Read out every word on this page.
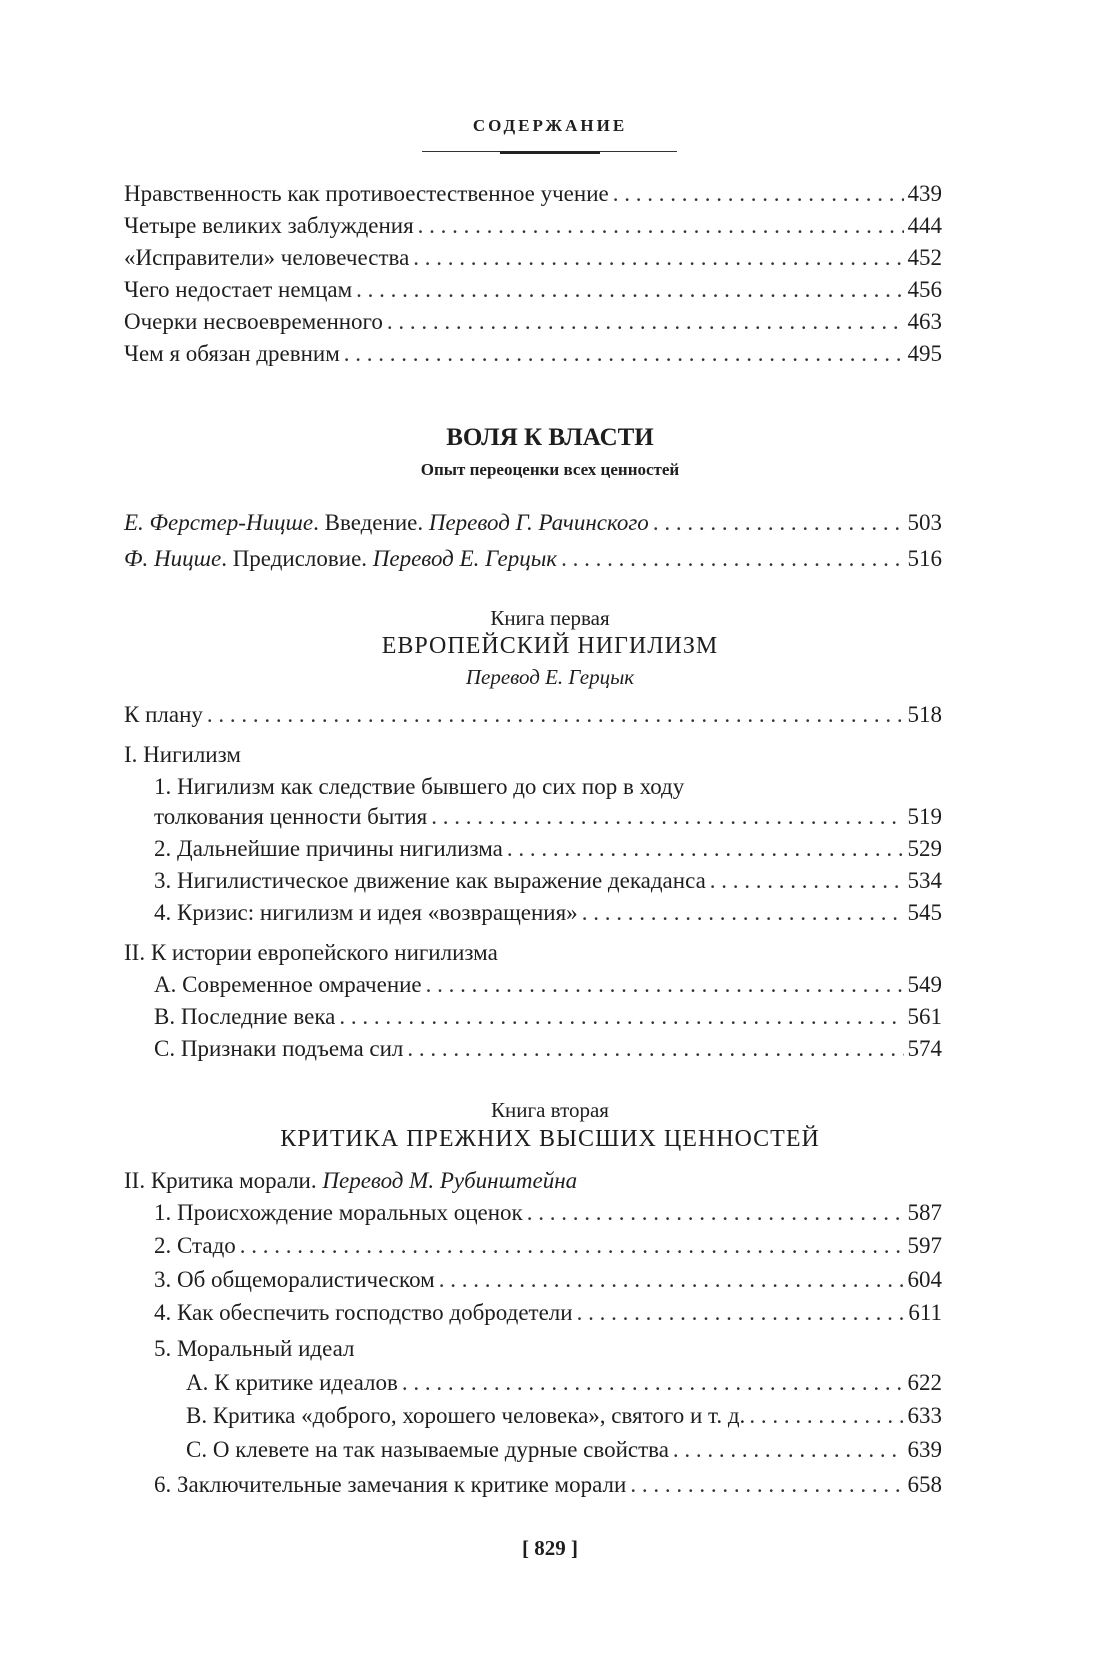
СОДЕРЖАНИЕ
Нравственность как противоестественное учение . . .	439
Четыре великих заблуждения . . .	444
«Исправители» человечества . . .	452
Чего недостает немцам . . .	456
Очерки несвоевременного . . .	463
Чем я обязан древним . . .	495
ВОЛЯ К ВЛАСТИ
Опыт переоценки всех ценностей
Е. Ферстер-Ницше. Введение. Перевод Г. Рачинского . . .	503
Ф. Ницше. Предисловие. Перевод Е. Герцык . . .	516
Книга первая
ЕВРОПЕЙСКИЙ НИГИЛИЗМ
Перевод Е. Герцык
К плану . . .	518
I. Нигилизм
1. Нигилизм как следствие бывшего до сих пор в ходу
толкования ценности бытия . . .	519
2. Дальнейшие причины нигилизма . . .	529
3. Нигилистическое движение как выражение декаданса . . .	534
4. Кризис: нигилизм и идея «возвращения» . . .	545
II. К истории европейского нигилизма
A. Современное омрачение . . .	549
B. Последние века . . .	561
C. Признаки подъема сил . . .	574
Книга вторая
КРИТИКА ПРЕЖНИХ ВЫСШИХ ЦЕННОСТЕЙ
II. Критика морали. Перевод М. Рубинштейна
1. Происхождение моральных оценок . . .	587
2. Стадо . . .	597
3. Об общеморалистическом . . .	604
4. Как обеспечить господство добродетели . . .	611
5. Моральный идеал
A. К критике идеалов . . .	622
B. Критика «доброго, хорошего человека», святого и т. д. . . .	633
C. О клевете на так называемые дурные свойства . . .	639
6. Заключительные замечания к критике морали . . .	658
[ 829 ]
